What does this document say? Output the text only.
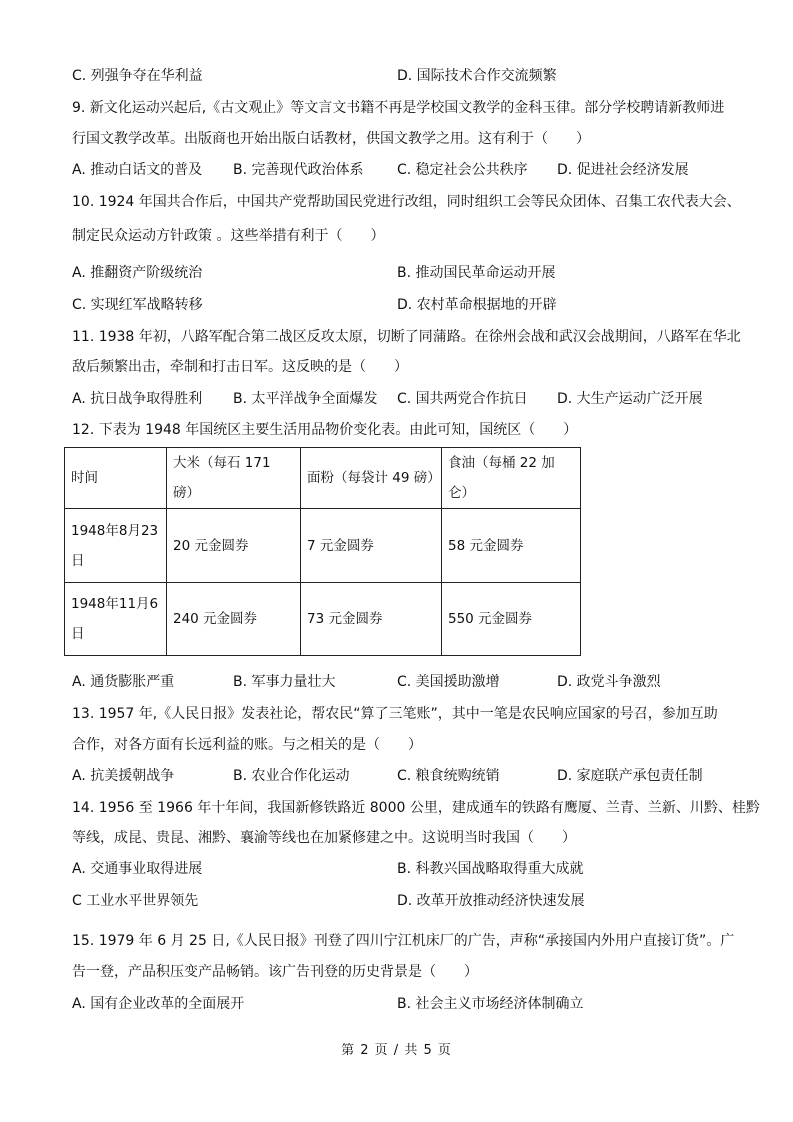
C. 列强争夺在华利益	D. 国际技术合作交流频繁
9. 新文化运动兴起后,《古文观止》等文言文书籍不再是学校国文教学的金科玉律。部分学校聘请新教师进
行国文教学改革。出版商也开始出版白话教材，供国文教学之用。这有利于（　　）
A. 推动白话文的普及 B. 完善现代政治体系 C. 稳定社会公共秩序 D. 促进社会经济发展
10. 1924 年国共合作后，中国共产党帮助国民党进行改组，同时组织工会等民众团体、召集工农代表大会、
制定民众运动方针政策 。这些举措有利于（　　）
A. 推翻资产阶级统治	B. 推动国民革命运动开展
C. 实现红军战略转移	D. 农村革命根据地的开辟
11. 1938 年初，八路军配合第二战区反攻太原，切断了同蒲路。在徐州会战和武汉会战期间，八路军在华北
敌后频繁出击，牵制和打击日军。这反映的是（　　）
A. 抗日战争取得胜利 B. 太平洋战争全面爆发 C. 国共两党合作抗日 D. 大生产运动广泛开展
12. 下表为 1948 年国统区主要生活用品物价变化表。由此可知，国统区（　　）
时间	大米（每石 171 磅）	面粉（每袋计 49 磅）	食油（每桶 22 加仑）
1948年8月23日	20 元金圆券	7 元金圆券	58 元金圆券
1948年11月6日	240 元金圆券	73 元金圆券	550 元金圆券
A. 通货膨胀严重	B. 军事力量壮大	C. 美国援助激增	D. 政党斗争激烈
13. 1957 年,《人民日报》发表社论，帮农民“算了三笔账”，其中一笔是农民响应国家的号召，参加互助
合作，对各方面有长远利益的账。与之相关的是（　　）
A. 抗美援朝战争	B. 农业合作化运动	C. 粮食统购统销	D. 家庭联产承包责任制
14. 1956 至 1966 年十年间，我国新修铁路近 8000 公里，建成通车的铁路有鹰厦、兰青、兰新、川黔、桂黔
等线，成昆、贵昆、湘黔、襄渝等线也在加紧修建之中。这说明当时我国（　　）
A. 交通事业取得进展	B. 科教兴国战略取得重大成就
C 工业水平世界领先	D. 改革开放推动经济快速发展
15. 1979 年 6 月 25 日,《人民日报》刊登了四川宁江机床厂的广告，声称“承接国内外用户直接订货”。广
告一登，产品积压变产品畅销。该广告刊登的历史背景是（　　）
A. 国有企业改革的全面展开	B. 社会主义市场经济体制确立
第 2 页 / 共 5 页
